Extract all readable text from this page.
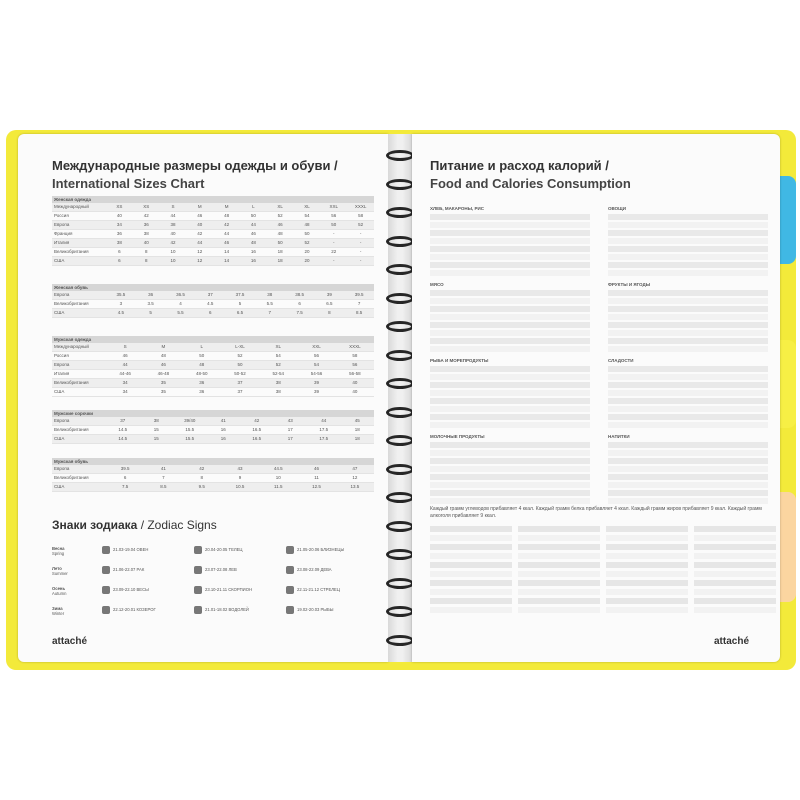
Международные размеры одежды и обуви /
International Sizes Chart
Женская одежда
Международный	XS	XS	S	M	M	L	XL	XL	XXL	XXXL
Россия	40	42	44	46	48	50	52	54	56	58
Европа	34	36	38	40	42	44	46	48	50	52
Франция	36	38	40	42	44	46	48	50	-	-
Италия	38	40	42	44	46	48	50	52	-	-
Великобритания	6	8	10	12	14	16	18	20	22	-
США	6	8	10	12	14	16	18	20	-	-
Женская обувь
Европа	35.5	36	36.5	37	37.5	38	38.5	39	39.5
Великобритания	3	3.5	4	4.5	5	5.5	6	6.5	7
США	4.5	5	5.5	6	6.5	7	7.5	8	8.5
Мужская одежда
Международный	S	M	L	L-XL	XL	XXL	XXXL
Россия	46	48	50	52	54	56	58
Европа	44	46	48	50	52	54	56
Италия	44-46	46-48	48-50	50-52	52-54	54-56	56-58
Великобритания	34	35	36	37	38	39	40
США	34	35	36	37	38	39	40
Мужские сорочки
Европа	37	38	39/40	41	42	43	44	45
Великобритания	14.5	15	15.5	16	16.5	17	17.5	18
США	14.5	15	15.5	16	16.5	17	17.5	18
Мужская обувь
Европа	39.5	41	42	43	44.5	46	47
Великобритания	6	7	8	9	10	11	12
США	7.5	8.5	9.5	10.5	11.5	12.5	13.5
Знаки зодиака / Zodiac Signs
Весна
Spring
21.03-19.04 ОВЕН	20.04-20.05 ТЕЛЕЦ	21.05-20.06 БЛИЗНЕЦЫ
Лето
Summer
21.06-22.07 РАК	23.07-22.08 ЛЕВ	23.08-22.09 ДЕВА
Осень
Autumn
23.09-22.10 ВЕСЫ	23.10-21.11 СКОРПИОН	22.11-21.12 СТРЕЛЕЦ
Зима
Winter
22.12-20.01 КОЗЕРОГ	21.01-18.02 ВОДОЛЕЙ	19.02-20.03 РЫБЫ
attaché
Питание и расход калорий /
Food and Calories Consumption
ХЛЕБ, МАКАРОНЫ, РИС
МЯСО
РЫБА И МОРЕПРОДУКТЫ
МОЛОЧНЫЕ ПРОДУКТЫ
ОВОЩИ
ФРУКТЫ И ЯГОДЫ
СЛАДОСТИ
НАПИТКИ
Каждый грамм углеводов прибавляет 4 ккал. Каждый грамм белка прибавляет 4 ккал. Каждый грамм жиров прибавляет 9 ккал. Каждый грамм алкоголя прибавляет 9 ккал.
attaché
